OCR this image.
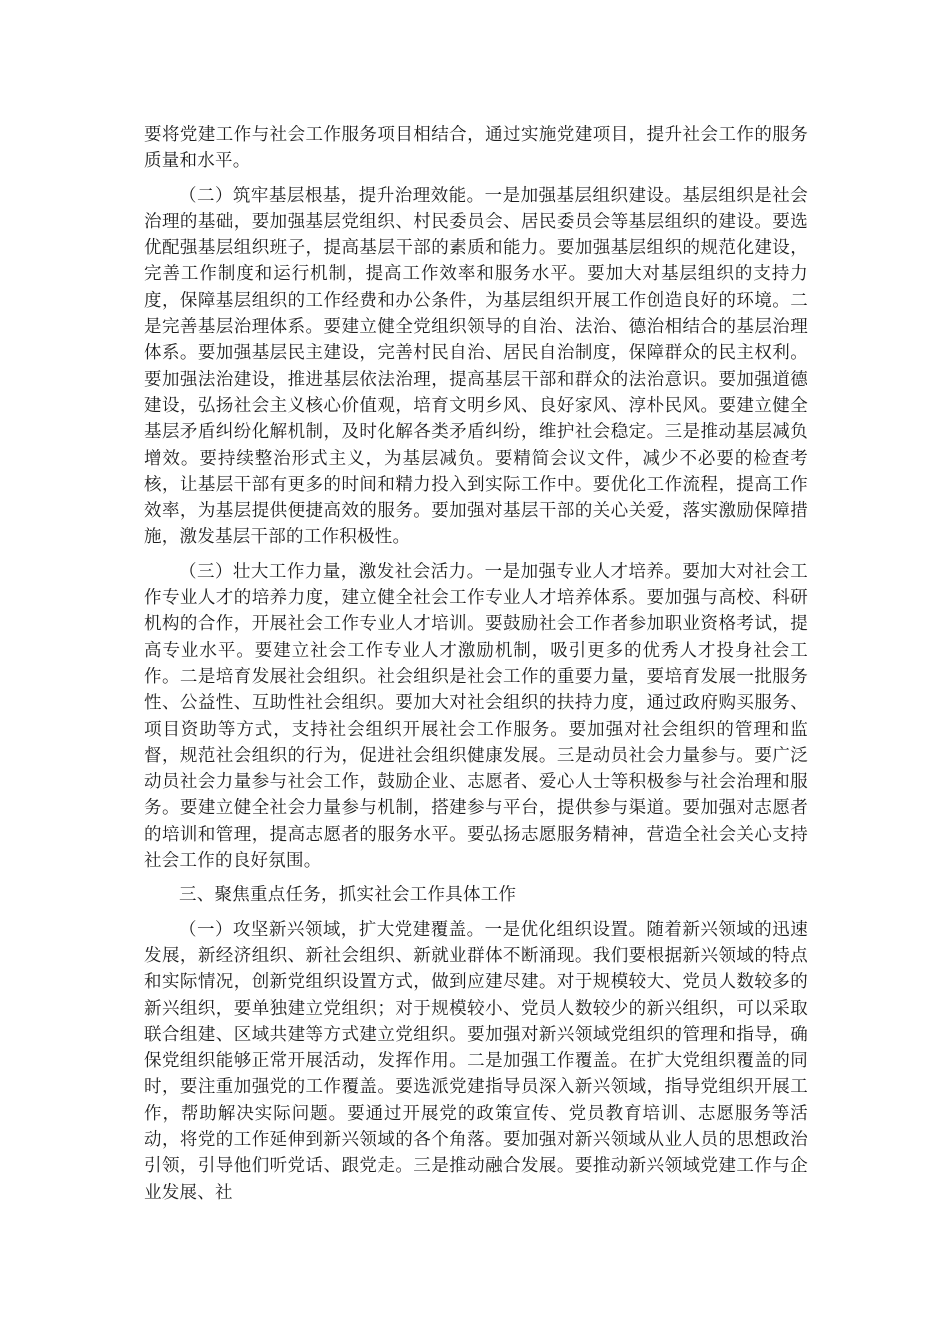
要将党建工作与社会工作服务项目相结合，通过实施党建项目，提升社会工作的服务质量和水平。

（二）筑牢基层根基，提升治理效能。一是加强基层组织建设。基层组织是社会治理的基础，要加强基层党组织、村民委员会、居民委员会等基层组织的建设。要选优配强基层组织班子，提高基层干部的素质和能力。要加强基层组织的规范化建设，完善工作制度和运行机制，提高工作效率和服务水平。要加大对基层组织的支持力度，保障基层组织的工作经费和办公条件，为基层组织开展工作创造良好的环境。二是完善基层治理体系。要建立健全党组织领导的自治、法治、德治相结合的基层治理体系。要加强基层民主建设，完善村民自治、居民自治制度，保障群众的民主权利。要加强法治建设，推进基层依法治理，提高基层干部和群众的法治意识。要加强道德建设，弘扬社会主义核心价值观，培育文明乡风、良好家风、淳朴民风。要建立健全基层矛盾纠纷化解机制，及时化解各类矛盾纠纷，维护社会稳定。三是推动基层减负增效。要持续整治形式主义，为基层减负。要精简会议文件，减少不必要的检查考核，让基层干部有更多的时间和精力投入到实际工作中。要优化工作流程，提高工作效率，为基层提供便捷高效的服务。要加强对基层干部的关心关爱，落实激励保障措施，激发基层干部的工作积极性。

（三）壮大工作力量，激发社会活力。一是加强专业人才培养。要加大对社会工作专业人才的培养力度，建立健全社会工作专业人才培养体系。要加强与高校、科研机构的合作，开展社会工作专业人才培训。要鼓励社会工作者参加职业资格考试，提高专业水平。要建立社会工作专业人才激励机制，吸引更多的优秀人才投身社会工作。二是培育发展社会组织。社会组织是社会工作的重要力量，要培育发展一批服务性、公益性、互助性社会组织。要加大对社会组织的扶持力度，通过政府购买服务、项目资助等方式，支持社会组织开展社会工作服务。要加强对社会组织的管理和监督，规范社会组织的行为，促进社会组织健康发展。三是动员社会力量参与。要广泛动员社会力量参与社会工作，鼓励企业、志愿者、爱心人士等积极参与社会治理和服务。要建立健全社会力量参与机制，搭建参与平台，提供参与渠道。要加强对志愿者的培训和管理，提高志愿者的服务水平。要弘扬志愿服务精神，营造全社会关心支持社会工作的良好氛围。

三、聚焦重点任务，抓实社会工作具体工作

（一）攻坚新兴领域，扩大党建覆盖。一是优化组织设置。随着新兴领域的迅速发展，新经济组织、新社会组织、新就业群体不断涌现。我们要根据新兴领域的特点和实际情况，创新党组织设置方式，做到应建尽建。对于规模较大、党员人数较多的新兴组织，要单独建立党组织；对于规模较小、党员人数较少的新兴组织，可以采取联合组建、区域共建等方式建立党组织。要加强对新兴领域党组织的管理和指导，确保党组织能够正常开展活动，发挥作用。二是加强工作覆盖。在扩大党组织覆盖的同时，要注重加强党的工作覆盖。要选派党建指导员深入新兴领域，指导党组织开展工作，帮助解决实际问题。要通过开展党的政策宣传、党员教育培训、志愿服务等活动，将党的工作延伸到新兴领域的各个角落。要加强对新兴领域从业人员的思想政治引领，引导他们听党话、跟党走。三是推动融合发展。要推动新兴领域党建工作与企业发展、社
